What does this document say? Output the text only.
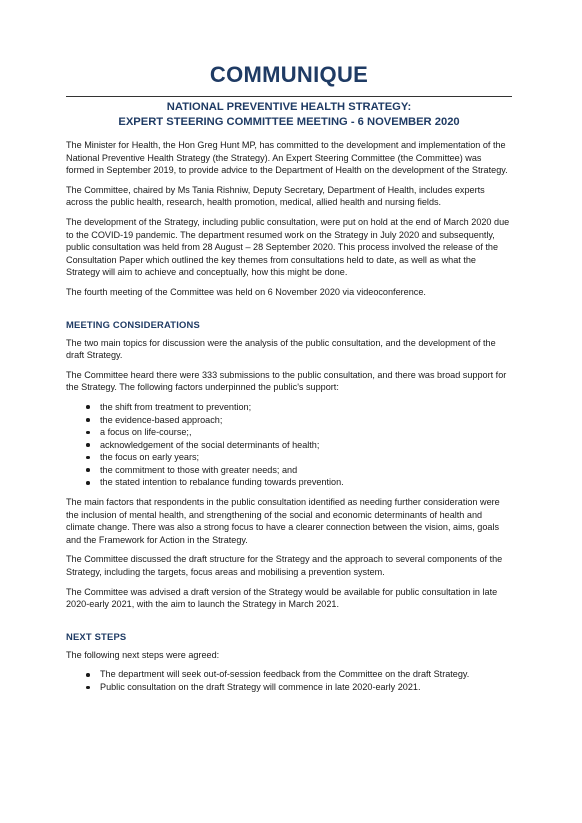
COMMUNIQUE
NATIONAL PREVENTIVE HEALTH STRATEGY:
EXPERT STEERING COMMITTEE MEETING - 6 NOVEMBER 2020

The Minister for Health, the Hon Greg Hunt MP, has committed to the development and implementation of the National Preventive Health Strategy (the Strategy). An Expert Steering Committee (the Committee) was formed in September 2019, to provide advice to the Department of Health on the development of the Strategy.

The Committee, chaired by Ms Tania Rishniw, Deputy Secretary, Department of Health, includes experts across the public health, research, health promotion, medical, allied health and nursing fields.

The development of the Strategy, including public consultation, were put on hold at the end of March 2020 due to the COVID-19 pandemic. The department resumed work on the Strategy in July 2020 and subsequently, public consultation was held from 28 August – 28 September 2020. This process involved the release of the Consultation Paper which outlined the key themes from consultations held to date, as well as what the Strategy will aim to achieve and conceptually, how this might be done.

The fourth meeting of the Committee was held on 6 November 2020 via videoconference.

MEETING CONSIDERATIONS

The two main topics for discussion were the analysis of the public consultation, and the development of the draft Strategy.

The Committee heard there were 333 submissions to the public consultation, and there was broad support for the Strategy. The following factors underpinned the public's support:

the shift from treatment to prevention;
the evidence-based approach;
a focus on life-course;,
acknowledgement of the social determinants of health;
the focus on early years;
the commitment to those with greater needs; and
the stated intention to rebalance funding towards prevention.

The main factors that respondents in the public consultation identified as needing further consideration were the inclusion of mental health, and strengthening of the social and economic determinants of health and climate change. There was also a strong focus to have a clearer connection between the vision, aims, goals and the Framework for Action in the Strategy.

The Committee discussed the draft structure for the Strategy and the approach to several components of the Strategy, including the targets, focus areas and mobilising a prevention system.

The Committee was advised a draft version of the Strategy would be available for public consultation in late 2020-early 2021, with the aim to launch the Strategy in March 2021.

NEXT STEPS

The following next steps were agreed:

The department will seek out-of-session feedback from the Committee on the draft Strategy.
Public consultation on the draft Strategy will commence in late 2020-early 2021.
